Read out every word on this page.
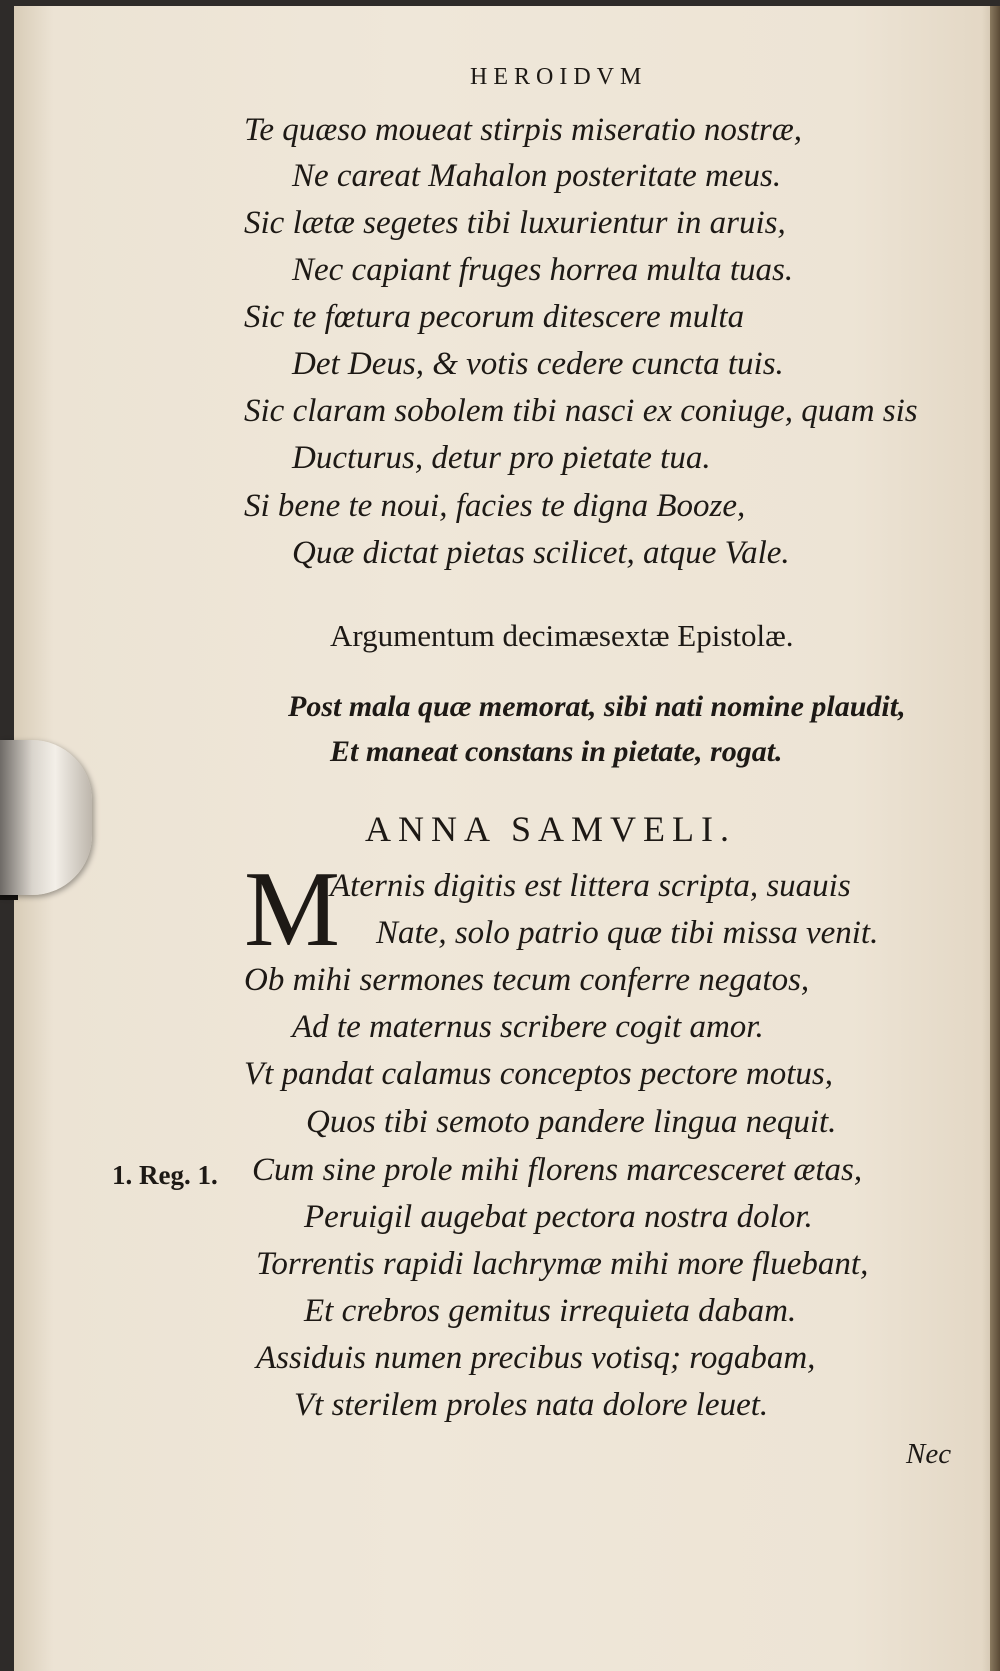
HEROIDVM
Te quæso moueat stirpis miseratio nostræ,
Ne careat Mahalon posteritate meus.
Sic lætæ segetes tibi luxurientur in aruis,
Nec capiant fruges horrea multa tuas.
Sic te fœtura pecorum ditescere multa
Det Deus, & votis cedere cuncta tuis.
Sic claram sobolem tibi nasci ex coniuge, quam sis
Ducturus, detur pro pietate tua.
Si bene te noui, facies te digna Booze,
Quæ dictat pietas scilicet, atque Vale.
Argumentum decimæsextæ Epistolæ.
Post mala quæ memorat, sibi nati nomine plaudit,
Et maneat constans in pietate, rogat.
ANNA SAMVELI.
M
Aternis digitis est littera scripta, suauis
Nate, solo patrio quæ tibi missa venit.
Ob mihi sermones tecum conferre negatos,
Ad te maternus scribere cogit amor.
Vt pandat calamus conceptos pectore motus,
Quos tibi semoto pandere lingua nequit.
1. Reg. 1. Cum sine prole mihi florens marcesceret ætas,
Peruigil augebat pectora nostra dolor.
Torrentis rapidi lachrymæ mihi more fluebant,
Et crebros gemitus irrequieta dabam.
Assiduis numen precibus votisq; rogabam,
Vt sterilem proles nata dolore leuet.
Nec
